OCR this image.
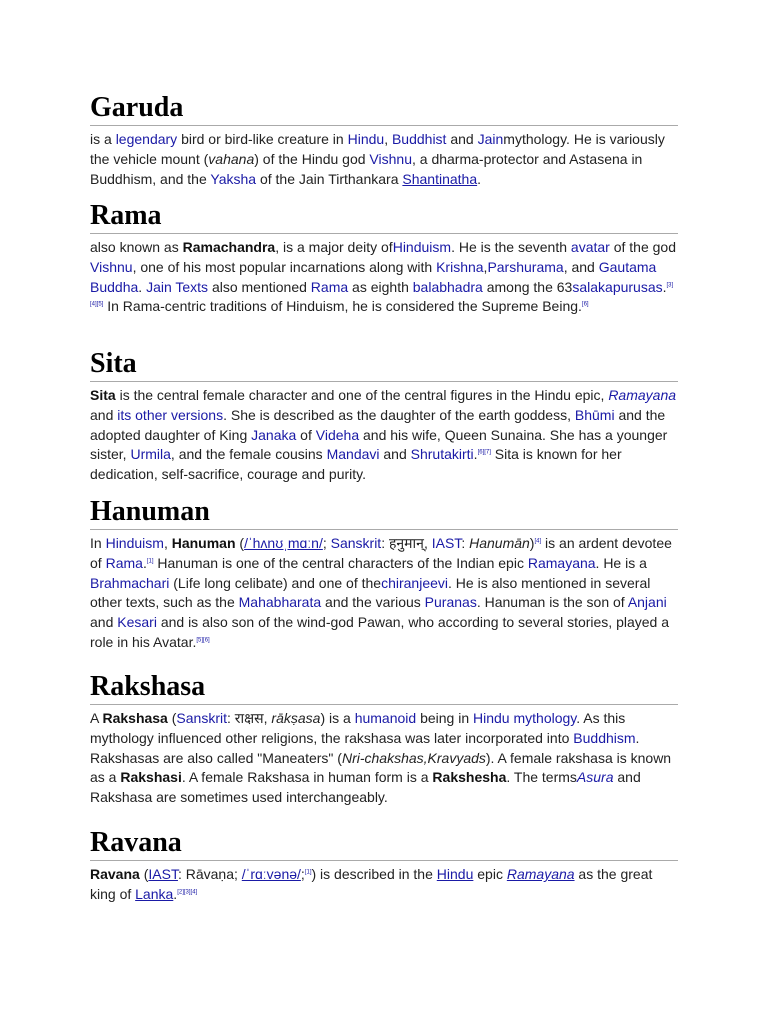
Garuda

is a legendary bird or bird-like creature in Hindu, Buddhist and Jainmythology. He is variously the vehicle mount (vahana) of the Hindu god Vishnu, a dharma-protector and Astasena in Buddhism, and the Yaksha of the Jain Tirthankara Shantinatha.

Rama

also known as Ramachandra, is a major deity ofHinduism. He is the seventh avatar of the god Vishnu, one of his most popular incarnations along with Krishna,Parshurama, and Gautama Buddha. Jain Texts also mentioned Rama as eighth balabhadra among the 63salakapurusas.[3][4][5] In Rama-centric traditions of Hinduism, he is considered the Supreme Being.[6]

Sita

Sita is the central female character and one of the central figures in the Hindu epic, Ramayana and its other versions. She is described as the daughter of the earth goddess, Bhūmi and the adopted daughter of King Janaka of Videha and his wife, Queen Sunaina. She has a younger sister, Urmila, and the female cousins Mandavi and Shrutakirti.[6][7] Sita is known for her dedication, self-sacrifice, courage and purity.

Hanuman

In Hinduism, Hanuman (/ˈhʌnʊˌmɑːn/; Sanskrit: हनुमान्, IAST: Hanumān)[4] is an ardent devotee of Rama.[1] Hanuman is one of the central characters of the Indian epic Ramayana. He is a Brahmachari (Life long celibate) and one of thechiranjeevi. He is also mentioned in several other texts, such as the Mahabharata and the various Puranas. Hanuman is the son of Anjani and Kesari and is also son of the wind-god Pawan, who according to several stories, played a role in his Avatar.[5][6]

Rakshasa

A Rakshasa (Sanskrit: राक्षस, rākṣasa) is a humanoid being in Hindu mythology. As this mythology influenced other religions, the rakshasa was later incorporated into Buddhism. Rakshasas are also called "Maneaters" (Nri-chakshas,Kravyads). A female rakshasa is known as a Rakshasi. A female Rakshasa in human form is a Rakshesha. The termsAsura and Rakshasa are sometimes used interchangeably.

Ravana

Ravana (IAST: Rāvaṇa; /ˈrɑːvənə/;[1]) is described in the Hindu epic Ramayana as the great king of Lanka.[2][3][4]
